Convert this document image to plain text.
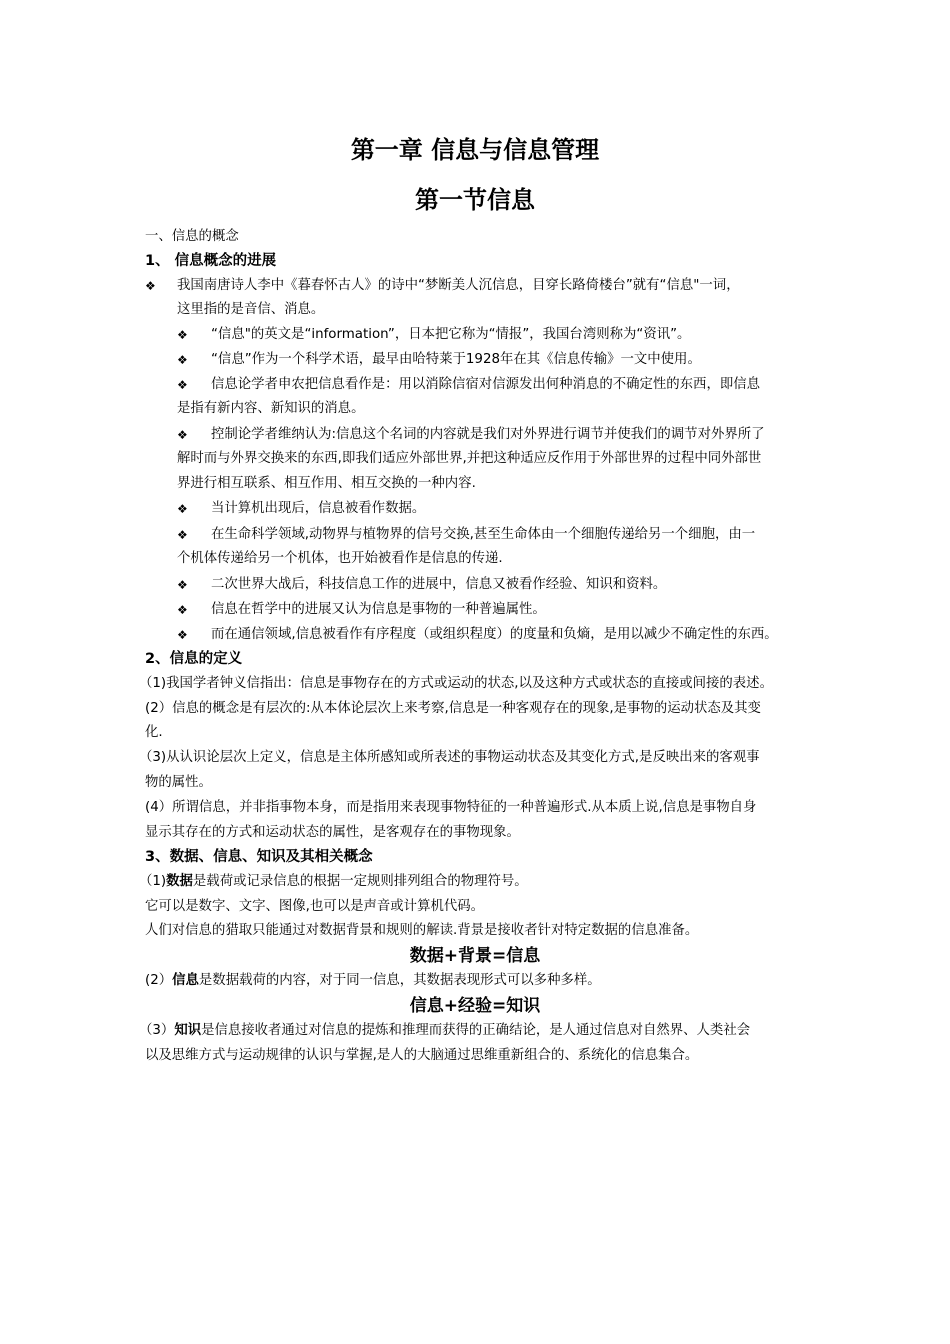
第一章 信息与信息管理
第一节信息
一、信息的概念
1、 信息概念的进展
❖ 我国南唐诗人李中《暮春怀古人》的诗中“梦断美人沉信息，目穿长路倚楼台”就有“信息"一词，
这里指的是音信、消息。
❖ “信息"的英文是“information”，日本把它称为“情报”，我国台湾则称为“资讯”。
❖ “信息”作为一个科学术语，最早由哈特莱于1928年在其《信息传输》一文中使用。
❖ 信息论学者申农把信息看作是：用以消除信宿对信源发出何种消息的不确定性的东西，即信息
是指有新内容、新知识的消息。
❖ 控制论学者维纳认为:信息这个名词的内容就是我们对外界进行调节并使我们的调节对外界所了
解时而与外界交换来的东西,即我们适应外部世界,并把这种适应反作用于外部世界的过程中同外部世
界进行相互联系、相互作用、相互交换的一种内容.
❖ 当计算机出现后，信息被看作数据。
❖ 在生命科学领域,动物界与植物界的信号交换,甚至生命体由一个细胞传递给另一个细胞，由一
个机体传递给另一个机体，也开始被看作是信息的传递.
❖ 二次世界大战后，科技信息工作的进展中，信息又被看作经验、知识和资料。
❖ 信息在哲学中的进展又认为信息是事物的一种普遍属性。
❖ 而在通信领域,信息被看作有序程度（或组织程度）的度量和负熵，是用以减少不确定性的东西。
2、信息的定义
（1)我国学者钟义信指出：信息是事物存在的方式或运动的状态,以及这种方式或状态的直接或间接的表述。
(2）信息的概念是有层次的:从本体论层次上来考察,信息是一种客观存在的现象,是事物的运动状态及其变
化.
（3)从认识论层次上定义，信息是主体所感知或所表述的事物运动状态及其变化方式,是反映出来的客观事
物的属性。
(4）所谓信息，并非指事物本身，而是指用来表现事物特征的一种普遍形式.从本质上说,信息是事物自身
显示其存在的方式和运动状态的属性，是客观存在的事物现象。
3、数据、信息、知识及其相关概念
（1)数据是载荷或记录信息的根据一定规则排列组合的物理符号。
它可以是数字、文字、图像,也可以是声音或计算机代码。
人们对信息的猎取只能通过对数据背景和规则的解读.背景是接收者针对特定数据的信息准备。
数据+背景=信息
(2）信息是数据载荷的内容，对于同一信息，其数据表现形式可以多种多样。
信息+经验=知识
（3）知识是信息接收者通过对信息的提炼和推理而获得的正确结论，是人通过信息对自然界、人类社会
以及思维方式与运动规律的认识与掌握,是人的大脑通过思维重新组合的、系统化的信息集合。
